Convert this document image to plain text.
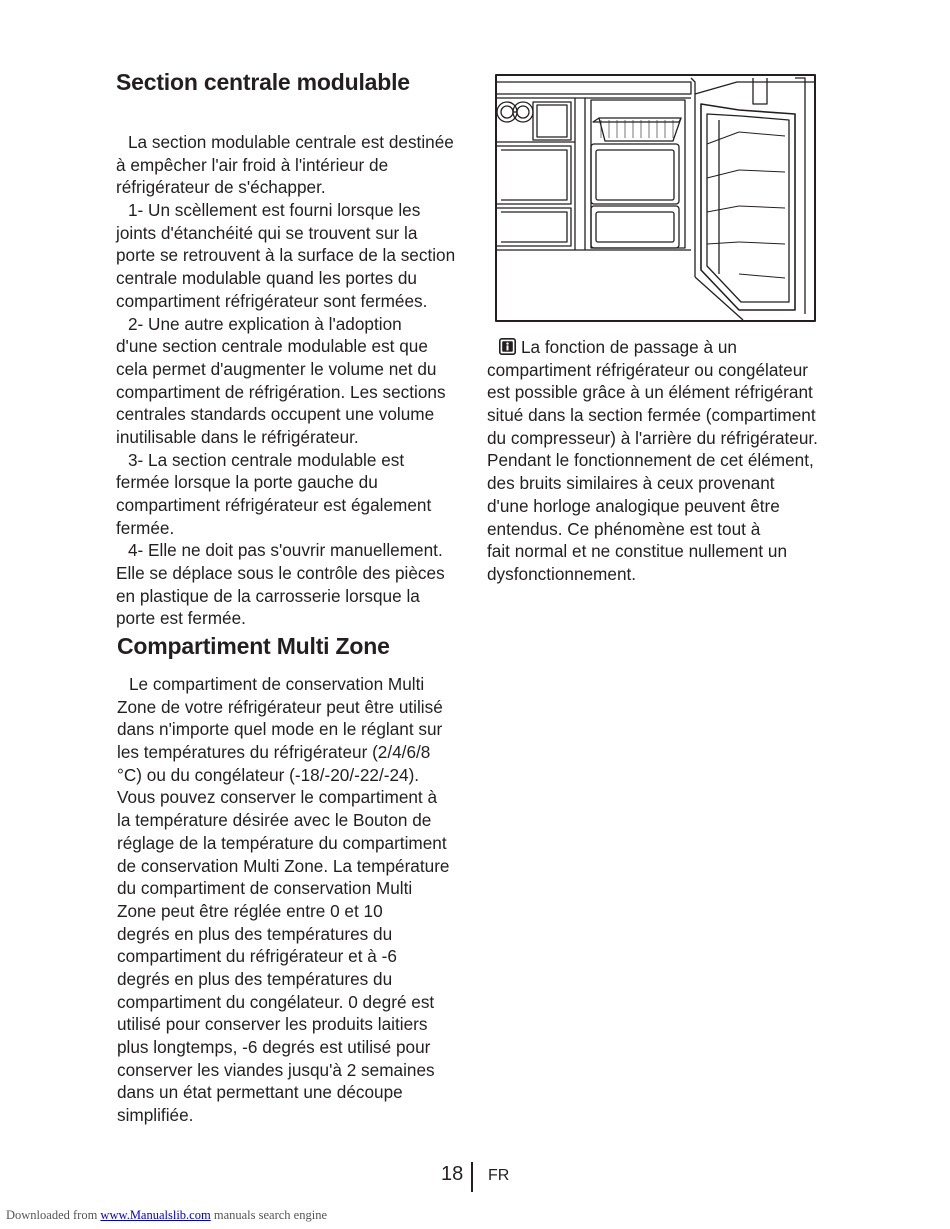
Section centrale modulable
La section modulable centrale est destinée
à empêcher l'air froid à l'intérieur de
réfrigérateur de s'échapper.
1- Un scèllement est fourni lorsque les
joints d'étanchéité qui se trouvent sur la
porte se retrouvent à la surface de la section
centrale modulable quand les portes du
compartiment réfrigérateur sont fermées.
2- Une autre explication à l'adoption
d'une section centrale modulable est que
cela permet d'augmenter le volume net du
compartiment de réfrigération. Les sections
centrales standards occupent une volume
inutilisable dans le réfrigérateur.
3- La section centrale modulable est
fermée lorsque la porte gauche du
compartiment réfrigérateur est également
fermée.
4- Elle ne doit pas s'ouvrir manuellement.
Elle se déplace sous le contrôle des pièces
en plastique de la carrosserie lorsque la
porte est fermée.
Compartiment Multi Zone
Le compartiment de conservation Multi
Zone de votre réfrigérateur peut être utilisé
dans n'importe quel mode en le réglant sur
les températures du réfrigérateur (2/4/6/8
°C) ou du congélateur (-18/-20/-22/-24).
Vous pouvez conserver le compartiment à
la température désirée avec le Bouton de
réglage de la température du compartiment
de conservation Multi Zone. La température
du compartiment de conservation Multi
Zone peut être réglée entre 0 et 10
degrés en plus des températures du
compartiment du réfrigérateur et à -6
degrés en plus des températures du
compartiment du congélateur. 0 degré est
utilisé pour conserver les produits laitiers
plus longtemps, -6 degrés est utilisé pour
conserver les viandes jusqu'à 2 semaines
dans un état permettant une découpe
simplifiée.
La fonction de passage à un
compartiment réfrigérateur ou congélateur
est possible grâce à un élément réfrigérant
situé dans la section fermée (compartiment
du compresseur) à l'arrière du réfrigérateur.
Pendant le fonctionnement de cet élément,
des bruits similaires à ceux provenant
d'une horloge analogique peuvent être
entendus. Ce phénomène est tout à
fait normal et ne constitue nullement un
dysfonctionnement.
18 FR
Downloaded from www.Manualslib.com manuals search engine
